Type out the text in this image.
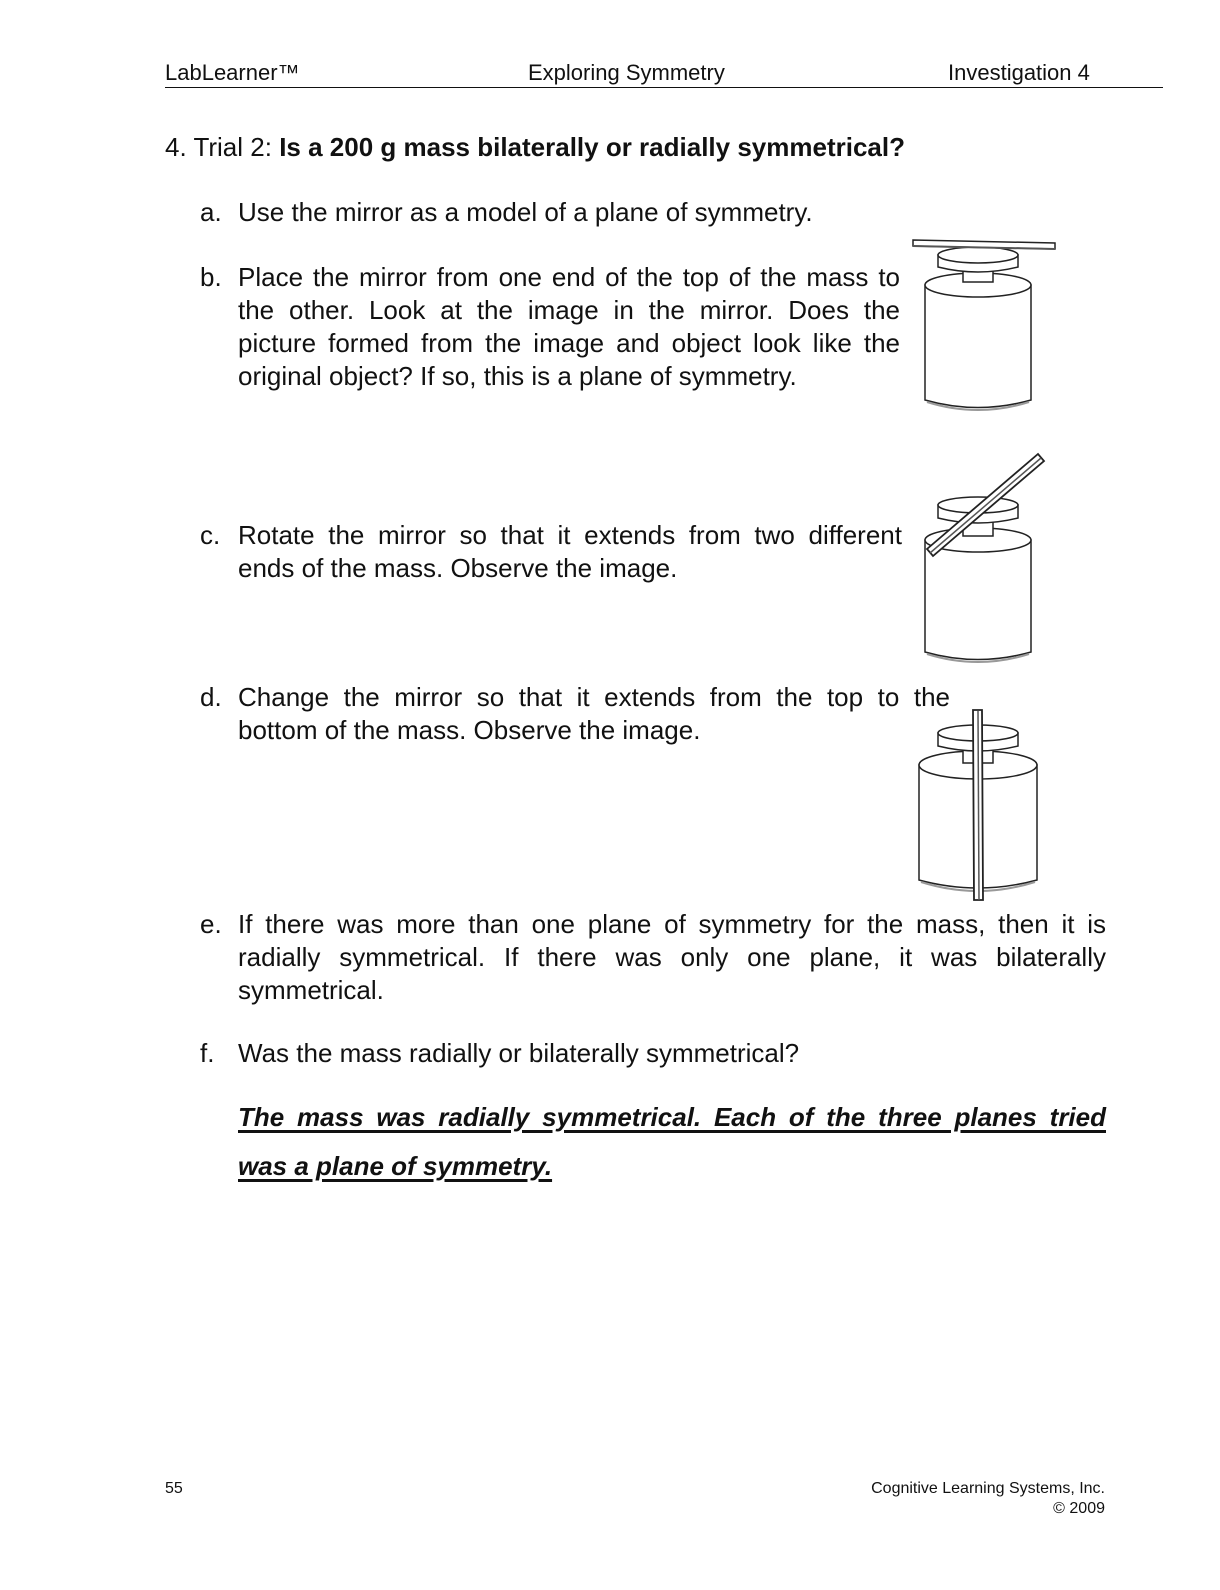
LabLearner™	Exploring Symmetry	Investigation 4
4. Trial 2: Is a 200 g mass bilaterally or radially symmetrical?
a. Use the mirror as a model of a plane of symmetry.
b. Place the mirror from one end of the top of the mass to the other. Look at the image in the mirror. Does the picture formed from the image and object look like the original object? If so, this is a plane of symmetry.
c. Rotate the mirror so that it extends from two different ends of the mass. Observe the image.
d. Change the mirror so that it extends from the top to the bottom of the mass. Observe the image.
e. If there was more than one plane of symmetry for the mass, then it is radially symmetrical. If there was only one plane, it was bilaterally symmetrical.
f. Was the mass radially or bilaterally symmetrical?
The mass was radially symmetrical. Each of the three planes tried was a plane of symmetry.
55	Cognitive Learning Systems, Inc.
© 2009
